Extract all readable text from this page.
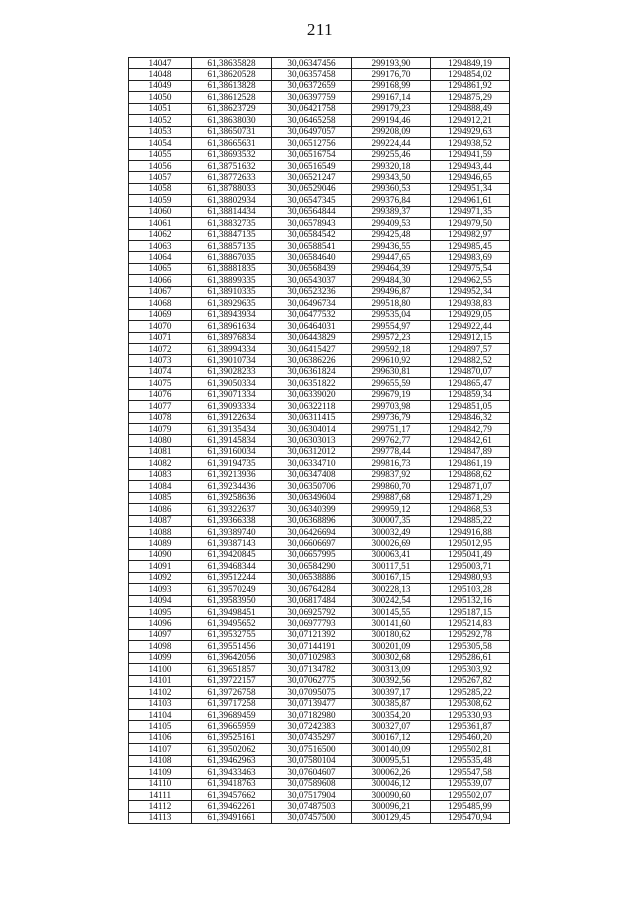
211
14047	61,38635828	30,06347456	299193,90	1294849,19
14048	61,38620528	30,06357458	299176,70	1294854,02
14049	61,38613828	30,06372659	299168,99	1294861,92
14050	61,38612528	30,06397759	299167,14	1294875,29
14051	61,38623729	30,06421758	299179,23	1294888,49
14052	61,38638030	30,06465258	299194,46	1294912,21
14053	61,38650731	30,06497057	299208,09	1294929,63
14054	61,38665631	30,06512756	299224,44	1294938,52
14055	61,38693532	30,06516754	299255,46	1294941,59
14056	61,38751632	30,06516549	299320,18	1294943,44
14057	61,38772633	30,06521247	299343,50	1294946,65
14058	61,38788033	30,06529046	299360,53	1294951,34
14059	61,38802934	30,06547345	299376,84	1294961,61
14060	61,38814434	30,06564844	299389,37	1294971,35
14061	61,38832735	30,06578943	299409,53	1294979,50
14062	61,38847135	30,06584542	299425,48	1294982,97
14063	61,38857135	30,06588541	299436,55	1294985,45
14064	61,38867035	30,06584640	299447,65	1294983,69
14065	61,38881835	30,06568439	299464,39	1294975,54
14066	61,38899335	30,06543037	299484,30	1294962,55
14067	61,38910335	30,06523236	299496,87	1294952,34
14068	61,38929635	30,06496734	299518,80	1294938,83
14069	61,38943934	30,06477532	299535,04	1294929,05
14070	61,38961634	30,06464031	299554,97	1294922,44
14071	61,38976834	30,06443829	299572,23	1294912,15
14072	61,38994334	30,06415427	299592,18	1294897,57
14073	61,39010734	30,06386226	299610,92	1294882,52
14074	61,39028233	30,06361824	299630,81	1294870,07
14075	61,39050334	30,06351822	299655,59	1294865,47
14076	61,39071334	30,06339020	299679,19	1294859,34
14077	61,39093334	30,06322118	299703,98	1294851,05
14078	61,39122634	30,06311415	299736,79	1294846,32
14079	61,39135434	30,06304014	299751,17	1294842,79
14080	61,39145834	30,06303013	299762,77	1294842,61
14081	61,39160034	30,06312012	299778,44	1294847,89
14082	61,39194735	30,06334710	299816,73	1294861,19
14083	61,39213936	30,06347408	299837,92	1294868,62
14084	61,39234436	30,06350706	299860,70	1294871,07
14085	61,39258636	30,06349604	299887,68	1294871,29
14086	61,39322637	30,06340399	299959,12	1294868,53
14087	61,39366338	30,06368896	300007,35	1294885,22
14088	61,39389740	30,06426694	300032,49	1294916,88
14089	61,39387143	30,06606697	300026,69	1295012,95
14090	61,39420845	30,06657995	300063,41	1295041,49
14091	61,39468344	30,06584290	300117,51	1295003,71
14092	61,39512244	30,06538886	300167,15	1294980,93
14093	61,39570249	30,06764284	300228,13	1295103,28
14094	61,39583950	30,06817484	300242,54	1295132,16
14095	61,39498451	30,06925792	300145,55	1295187,15
14096	61,39495652	30,06977793	300141,60	1295214,83
14097	61,39532755	30,07121392	300180,62	1295292,78
14098	61,39551456	30,07144191	300201,09	1295305,58
14099	61,39642056	30,07102983	300302,68	1295286,61
14100	61,39651857	30,07134782	300313,09	1295303,92
14101	61,39722157	30,07062775	300392,56	1295267,82
14102	61,39726758	30,07095075	300397,17	1295285,22
14103	61,39717258	30,07139477	300385,87	1295308,62
14104	61,39689459	30,07182980	300354,20	1295330,93
14105	61,39665959	30,07242383	300327,07	1295361,87
14106	61,39525161	30,07435297	300167,12	1295460,20
14107	61,39502062	30,07516500	300140,09	1295502,81
14108	61,39462963	30,07580104	300095,51	1295535,48
14109	61,39433463	30,07604607	300062,26	1295547,58
14110	61,39418763	30,07589608	300046,12	1295539,07
14111	61,39457662	30,07517904	300090,60	1295502,07
14112	61,39462261	30,07487503	300096,21	1295485,99
14113	61,39491661	30,07457500	300129,45	1295470,94
